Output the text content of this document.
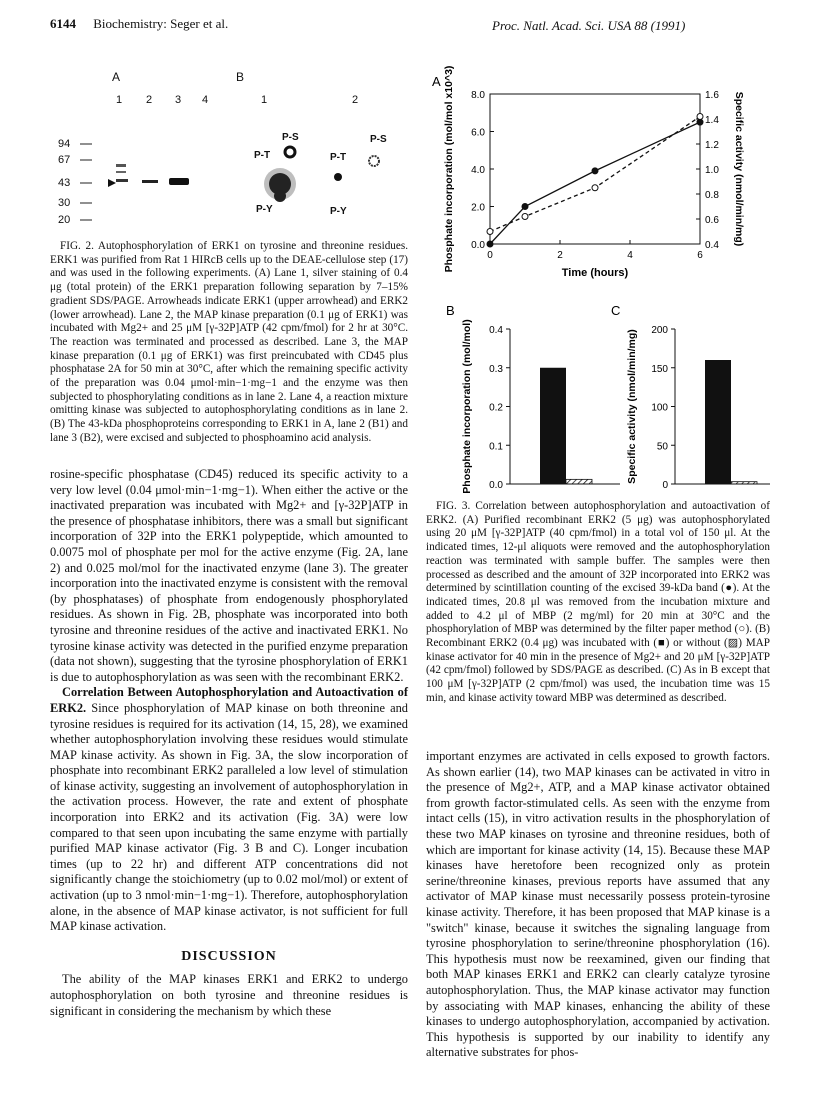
6144 Biochemistry: Seger et al.	Proc. Natl. Acad. Sci. USA 88 (1991)
A	B
1 2 3 4	1	2
94
67
43
30
20
P-S
P-T
P-Y
P-S
P-T
P-Y

FIG. 2. Autophosphorylation of ERK1 on tyrosine and threonine residues. ERK1 was purified from Rat 1 HIRcB cells up to the DEAE-cellulose step (17) and was used in the following experiments. (A) Lane 1, silver staining of 0.4 μg (total protein) of the ERK1 preparation following separation by 7–15% gradient SDS/PAGE. Arrowheads indicate ERK1 (upper arrowhead) and ERK2 (lower arrowhead). Lane 2, the MAP kinase preparation (0.1 μg of ERK1) was incubated with Mg2+ and 25 μM [γ-32P]ATP (42 cpm/fmol) for 2 hr at 30°C. The reaction was terminated and processed as described. Lane 3, the MAP kinase preparation (0.1 μg of ERK1) was first preincubated with CD45 plus phosphatase 2A for 50 min at 30°C, after which the remaining specific activity of the preparation was 0.04 μmol·min−1·mg−1 and the enzyme was then subjected to phosphorylating conditions as in lane 2. Lane 4, a reaction mixture omitting kinase was subjected to autophosphorylating conditions as in lane 2. (B) The 43-kDa phosphoproteins corresponding to ERK1 in A, lane 2 (B1) and lane 3 (B2), were excised and subjected to phosphoamino acid analysis.

rosine-specific phosphatase (CD45) reduced its specific activity to a very low level (0.04 μmol·min−1·mg−1). When either the active or the inactivated preparation was incubated with Mg2+ and [γ-32P]ATP in the presence of phosphatase inhibitors, there was a small but significant incorporation of 32P into the ERK1 polypeptide, which amounted to 0.0075 mol of phosphate per mol for the active enzyme (Fig. 2A, lane 2) and 0.025 mol/mol for the inactivated enzyme (lane 3). The greater incorporation into the inactivated enzyme is consistent with the removal (by phosphatases) of phosphate from endogenously phosphorylated residues. As shown in Fig. 2B, phosphate was incorporated into both tyrosine and threonine residues of the active and inactivated ERK1. No tyrosine kinase activity was detected in the purified enzyme preparation (data not shown), suggesting that the tyrosine phosphorylation of ERK1 is due to autophosphorylation as was seen with the recombinant ERK2.

Correlation Between Autophosphorylation and Autoactivation of ERK2. Since phosphorylation of MAP kinase on both threonine and tyrosine residues is required for its activation (14, 15, 28), we examined whether autophosphorylation involving these residues would stimulate MAP kinase activity. As shown in Fig. 3A, the slow incorporation of phosphate into recombinant ERK2 paralleled a low level of stimulation of kinase activity, suggesting an involvement of autophosphorylation in the activation process. However, the rate and extent of phosphate incorporation into ERK2 and its activation (Fig. 3A) were low compared to that seen upon incubating the same enzyme with partially purified MAP kinase activator (Fig. 3 B and C). Longer incubation times (up to 22 hr) and different ATP concentrations did not significantly change the stoichiometry (up to 0.02 mol/mol) or extent of activation (up to 3 nmol·min−1·mg−1). Therefore, autophosphorylation alone, in the absence of MAP kinase activator, is not sufficient for full MAP kinase activation.

DISCUSSION

The ability of the MAP kinases ERK1 and ERK2 to undergo autophosphorylation on both tyrosine and threonine residues is significant in considering the mechanism by which these

A
0.0
2.0
4.0
6.0
8.0
0.4
0.6
0.8
1.0
1.2
1.4
1.6
0	2	4	6
Time (hours)
Phosphate incorporation (mol/mol x10^3)	Specific activity (nmol/min/mg)
B
0.0
0.1
0.2
0.3
0.4
Phosphate incorporation (mol/mol)
C
0
50
100
150
200
Specific activity (nmol/min/mg)

FIG. 3. Correlation between autophosphorylation and autoactivation of ERK2. (A) Purified recombinant ERK2 (5 μg) was autophosphorylated using 20 μM [γ-32P]ATP (40 cpm/fmol) in a total vol of 150 μl. At the indicated times, 12-μl aliquots were removed and the autophosphorylation reaction was terminated with sample buffer. The samples were then processed as described and the amount of 32P incorporated into ERK2 was determined by scintillation counting of the excised 39-kDa band (●). At the indicated times, 20.8 μl was removed from the incubation mixture and added to 4.2 μl of MBP (2 mg/ml) for 20 min at 30°C and the phosphorylation of MBP was determined by the filter paper method (○). (B) Recombinant ERK2 (0.4 μg) was incubated with (■) or without (▨) MAP kinase activator for 40 min in the presence of Mg2+ and 20 μM [γ-32P]ATP (42 cpm/fmol) followed by SDS/PAGE as described. (C) As in B except that 100 μM [γ-32P]ATP (2 cpm/fmol) was used, the incubation time was 15 min, and kinase activity toward MBP was determined as described.

important enzymes are activated in cells exposed to growth factors. As shown earlier (14), two MAP kinases can be activated in vitro in the presence of Mg2+, ATP, and a MAP kinase activator obtained from growth factor-stimulated cells. As seen with the enzyme from intact cells (15), in vitro activation results in the phosphorylation of these two MAP kinases on tyrosine and threonine residues, both of which are important for kinase activity (14, 15). Because these MAP kinases have heretofore been recognized only as protein serine/threonine kinases, previous reports have assumed that any activator of MAP kinase must necessarily possess protein-tyrosine kinase activity. Therefore, it has been proposed that MAP kinase is a "switch" kinase, because it switches the signaling language from tyrosine phosphorylation to serine/threonine phosphorylation (16). This hypothesis must now be reexamined, given our finding that both MAP kinases ERK1 and ERK2 can clearly catalyze tyrosine autophosphorylation. Thus, the MAP kinase activator may function by associating with MAP kinases, enhancing the ability of these kinases to undergo autophosphorylation, accompanied by activation. This hypothesis is supported by our inability to identify any alternative substrates for phos-
